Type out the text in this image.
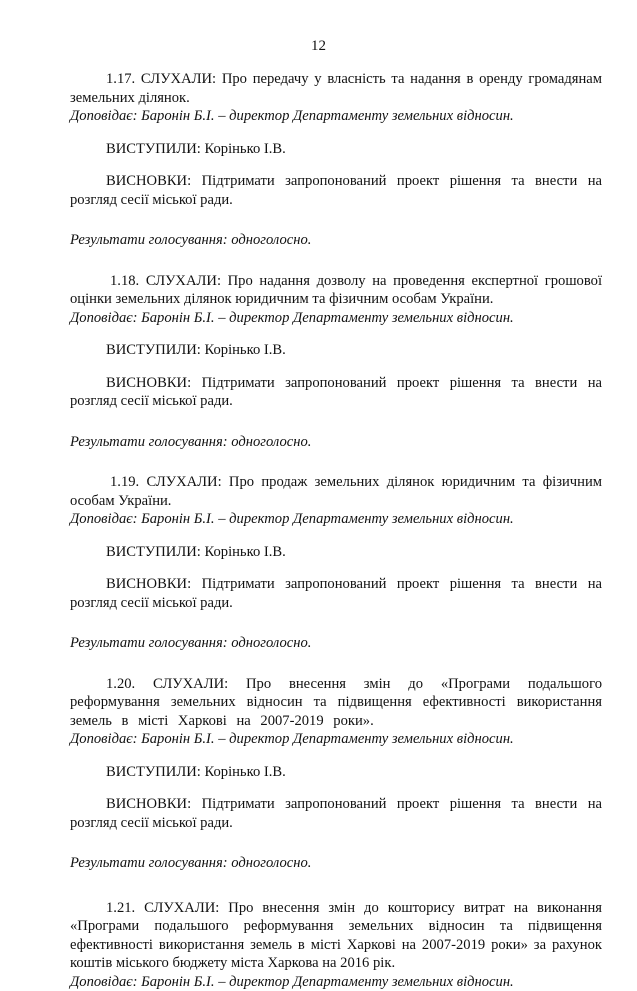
12

1.17. СЛУХАЛИ: Про передачу у власність та надання в оренду громадянам земельних ділянок.

Доповідає: Баронін Б.І. – директор Департаменту земельних відносин.

ВИСТУПИЛИ: Корінько І.В.

ВИСНОВКИ: Підтримати запропонований проект рішення та внести на розгляд сесії міської ради.

Результати голосування: одноголосно.

1.18. СЛУХАЛИ: Про надання дозволу на проведення експертної грошової оцінки земельних ділянок юридичним та фізичним особам України.

Доповідає: Баронін Б.І. – директор Департаменту земельних відносин.

ВИСТУПИЛИ: Корінько І.В.

ВИСНОВКИ: Підтримати запропонований проект рішення та внести на розгляд сесії міської ради.

Результати голосування: одноголосно.

1.19. СЛУХАЛИ: Про продаж земельних ділянок юридичним та фізичним особам України.

Доповідає: Баронін Б.І. – директор Департаменту земельних відносин.

ВИСТУПИЛИ: Корінько І.В.

ВИСНОВКИ: Підтримати запропонований проект рішення та внести на розгляд сесії міської ради.

Результати голосування: одноголосно.

1.20. СЛУХАЛИ: Про внесення змін до «Програми подальшого реформування земельних відносин та підвищення ефективності використання земель в місті Харкові на 2007-2019 роки».

Доповідає: Баронін Б.І. – директор Департаменту земельних відносин.

ВИСТУПИЛИ: Корінько І.В.

ВИСНОВКИ: Підтримати запропонований проект рішення та внести на розгляд сесії міської ради.

Результати голосування: одноголосно.

1.21. СЛУХАЛИ: Про внесення змін до кошторису витрат на виконання «Програми подальшого реформування земельних відносин та підвищення ефективності використання земель в місті Харкові на 2007-2019 роки» за рахунок коштів міського бюджету міста Харкова на 2016 рік.

Доповідає: Баронін Б.І. – директор Департаменту земельних відносин.
